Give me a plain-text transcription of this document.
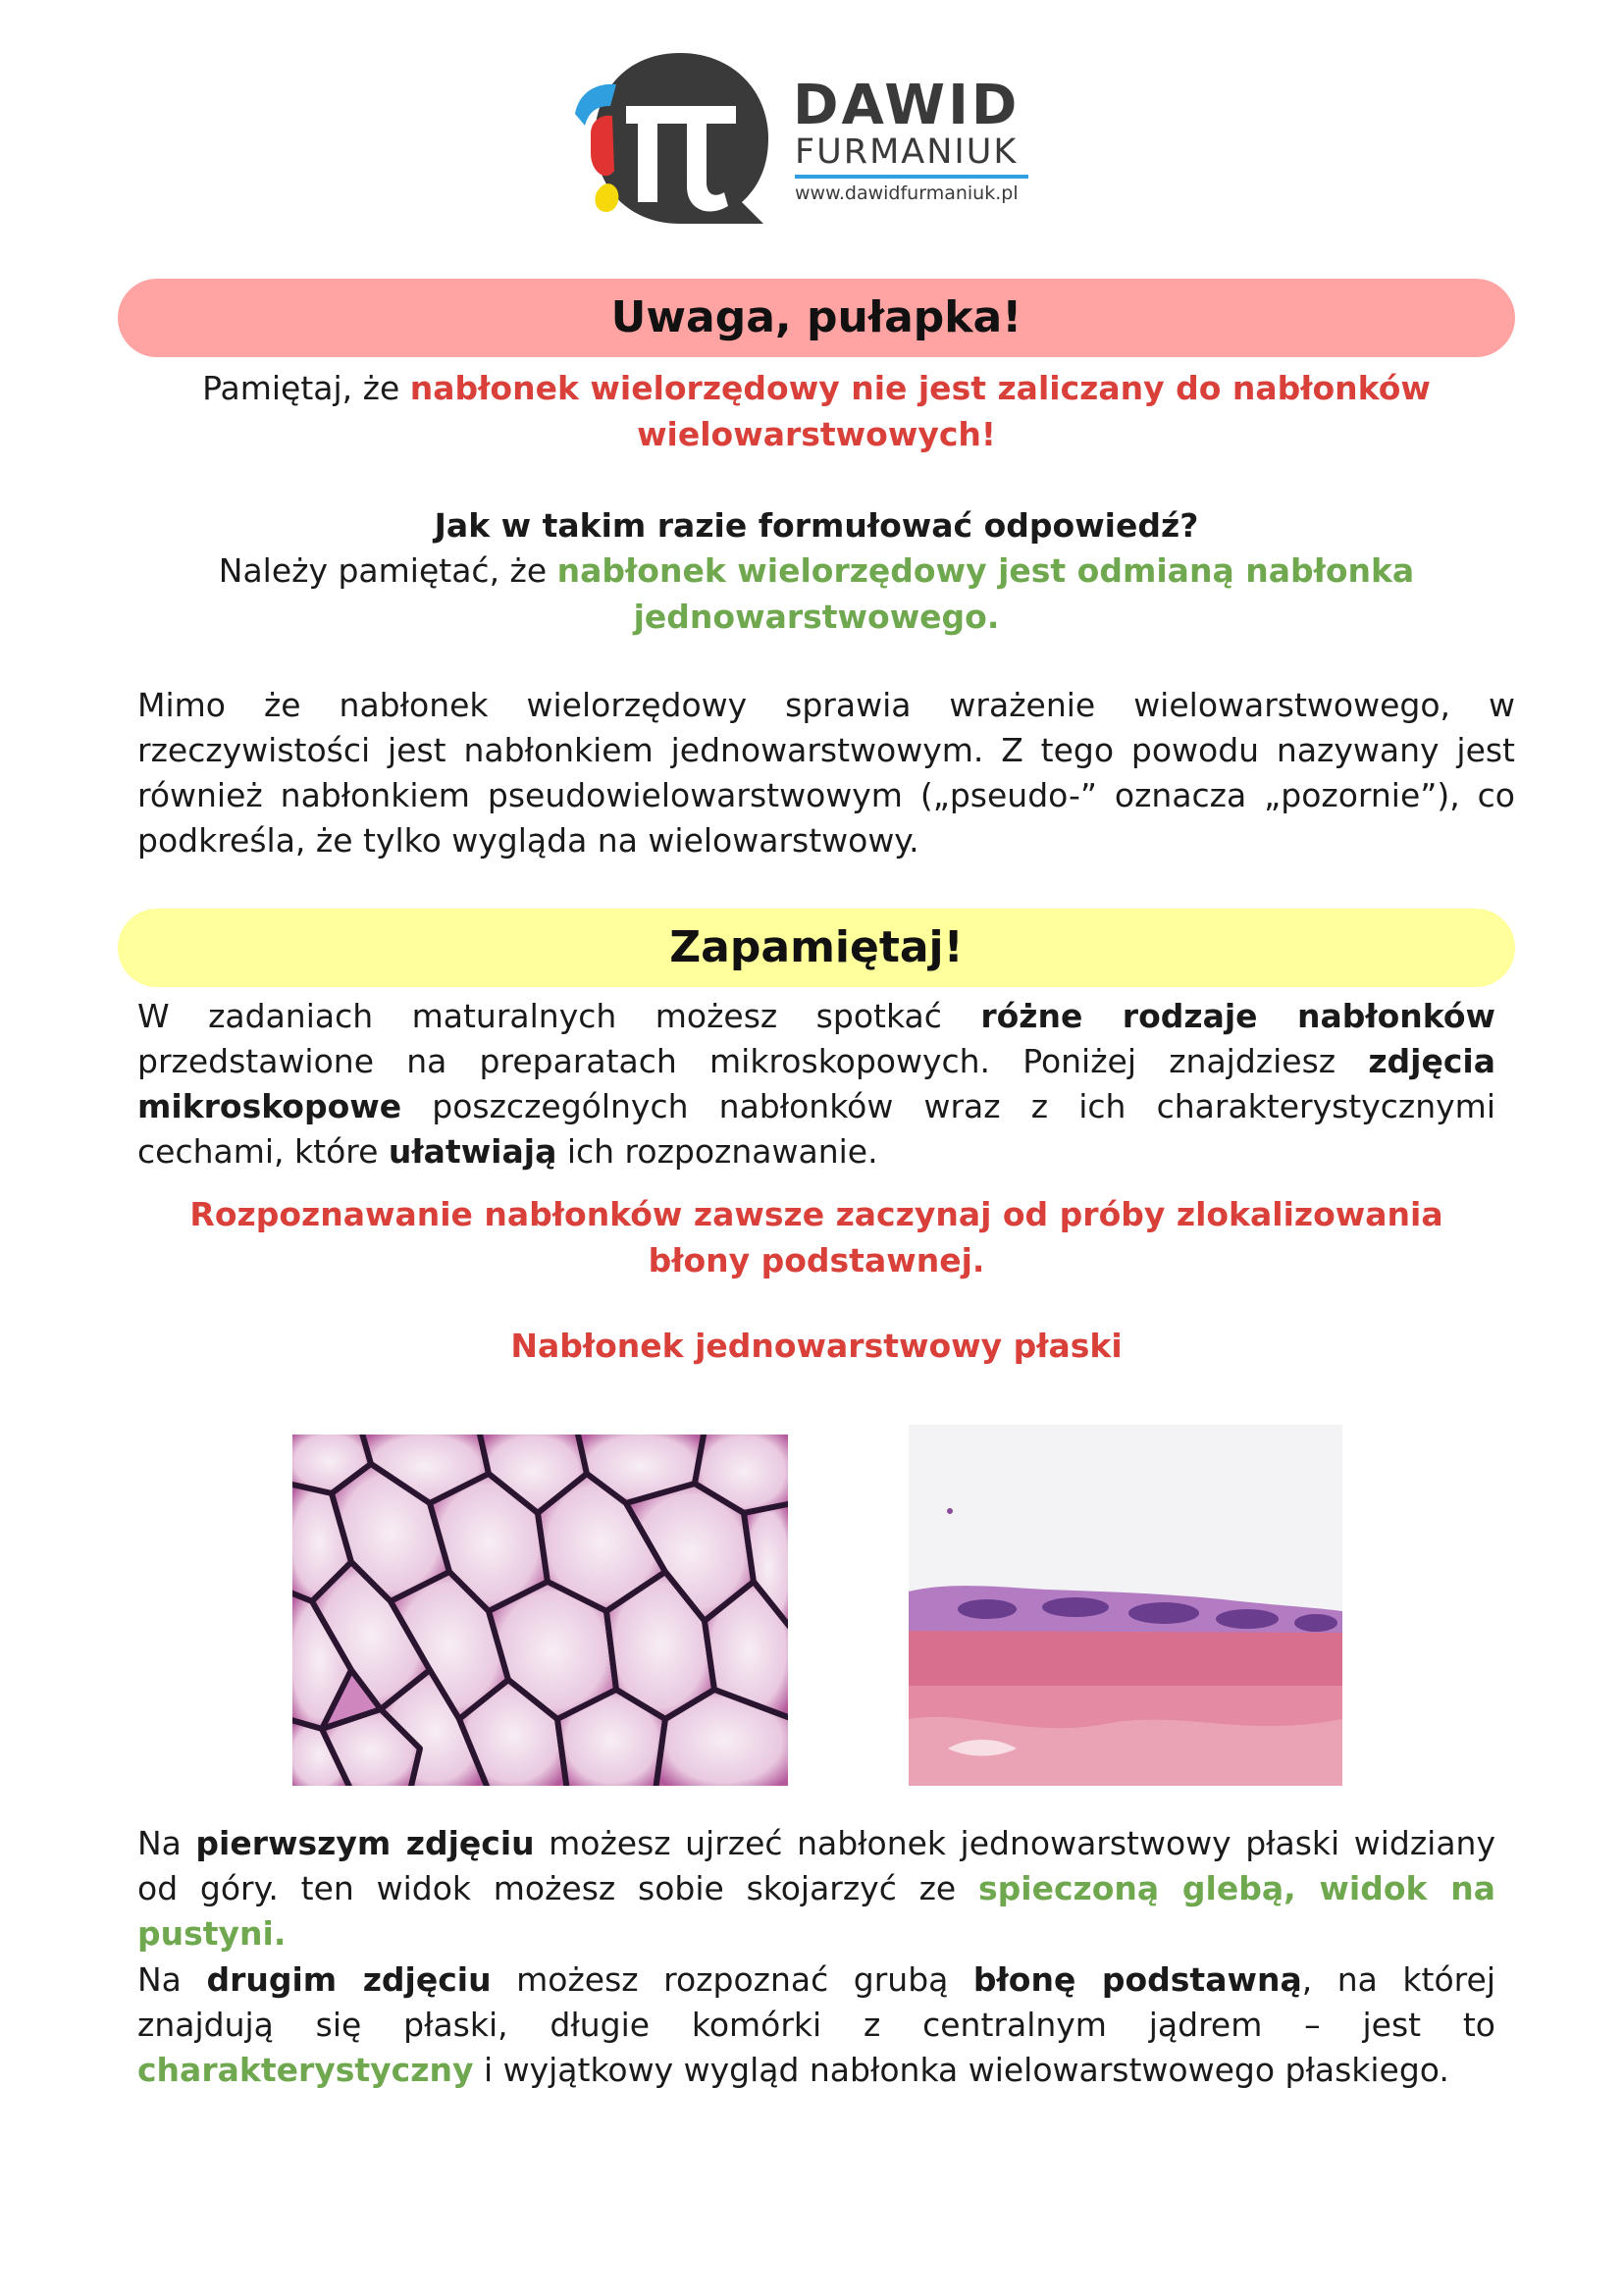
DAWID
FURMANIUK
www.dawidfurmaniuk.pl
Uwaga, pułapka!
Pamiętaj, że nabłonek wielorzędowy nie jest zaliczany do nabłonków wielowarstwowych!
Jak w takim razie formułować odpowiedź?
Należy pamiętać, że nabłonek wielorzędowy jest odmianą nabłonka jednowarstwowego.
Mimo że nabłonek wielorzędowy sprawia wrażenie wielowarstwowego, w rzeczywistości jest nabłonkiem jednowarstwowym. Z tego powodu nazywany jest również nabłonkiem pseudowielowarstwowym („pseudo-” oznacza „pozornie”), co podkreśla, że tylko wygląda na wielowarstwowy.
Zapamiętaj!
W zadaniach maturalnych możesz spotkać różne rodzaje nabłonków przedstawione na preparatach mikroskopowych. Poniżej znajdziesz zdjęcia mikroskopowe poszczególnych nabłonków wraz z ich charakterystycznymi cechami, które ułatwiają ich rozpoznawanie.
Rozpoznawanie nabłonków zawsze zaczynaj od próby zlokalizowania błony podstawnej.
Nabłonek jednowarstwowy płaski
Na pierwszym zdjęciu możesz ujrzeć nabłonek jednowarstwowy płaski widziany od góry. ten widok możesz sobie skojarzyć ze spieczoną glebą, widok na pustyni.
Na drugim zdjęciu możesz rozpoznać grubą błonę podstawną, na której znajdują się płaski, długie komórki z centralnym jądrem – jest to charakterystyczny i wyjątkowy wygląd nabłonka wielowarstwowego płaskiego.
